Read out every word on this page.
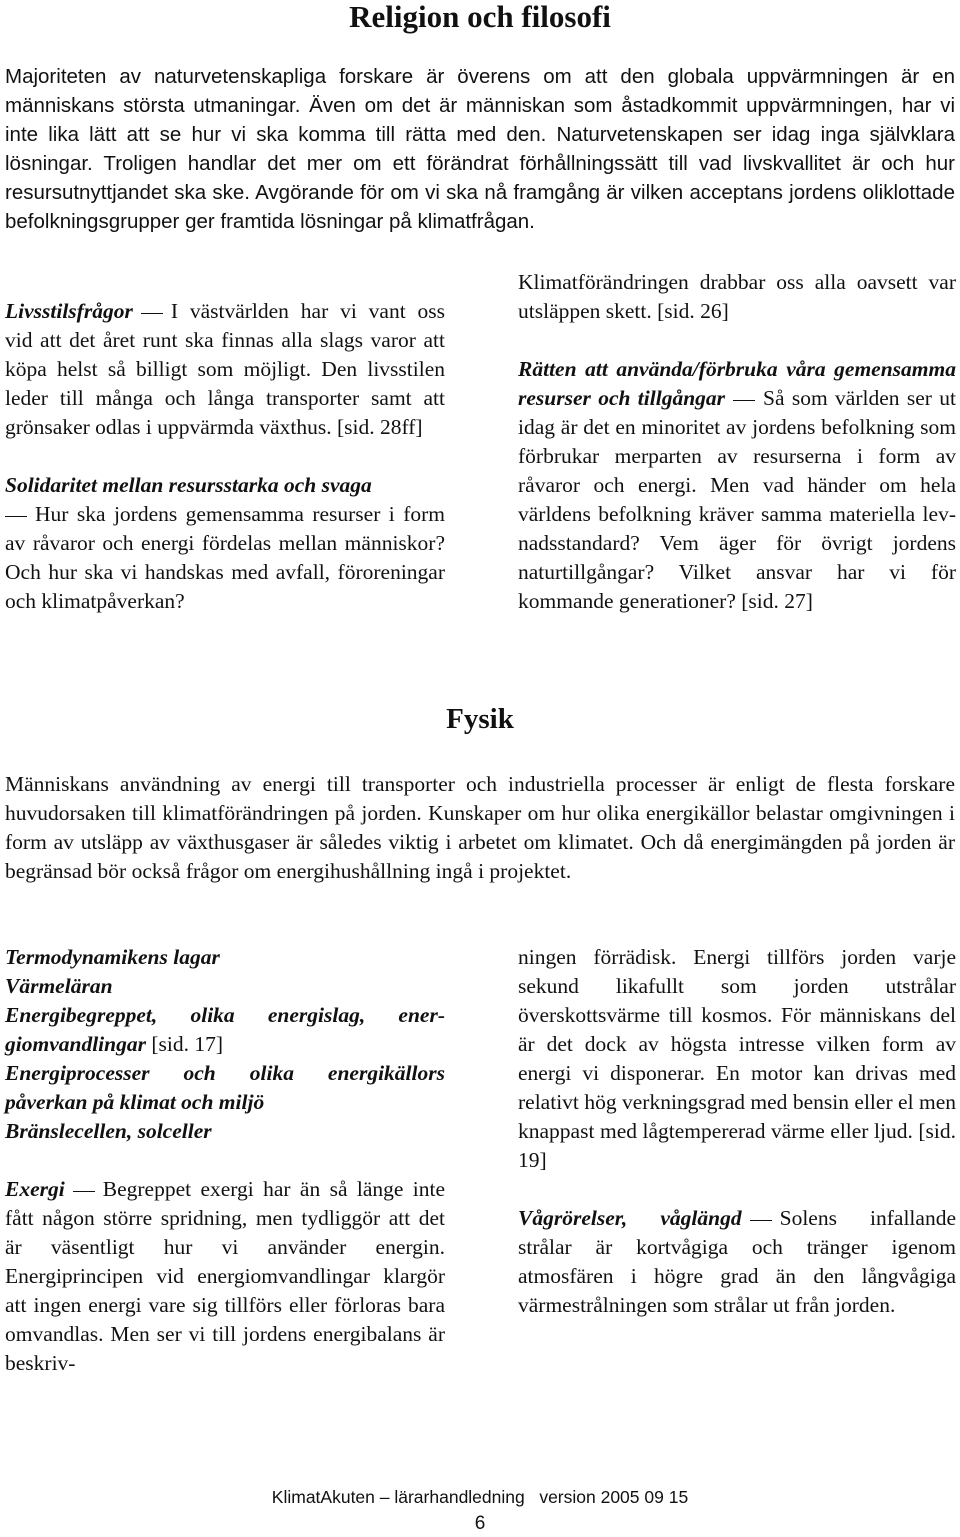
Religion och filosofi
Majoriteten av naturvetenskapliga forskare är överens om att den globala uppvärmningen är en människans största utmaningar. Även om det är människan som åstadkommit uppvärmningen, har vi inte lika lätt att se hur vi ska komma till rätta med den. Naturvetenskapen ser idag inga självklara lösningar. Troligen handlar det mer om ett förändrat förhållningssätt till vad livskvallitet är och hur resursutnyttjandet ska ske. Avgörande för om vi ska nå framgång är vilken acceptans jordens oliklottade befolkningsgrupper ger framtida lösningar på klimatfrågan.

Livsstilsfrågor I västvärlden har vi vant oss vid att det året runt ska finnas alla slags varor att köpa helst så billigt som möjligt. Den livsstilen leder till många och långa transporter samt att grönsaker odlas i uppvärmda växthus. [sid. 28ff]

Solidaritet mellan resursstarka och svaga
Hur ska jordens gemensamma resurser i form av råvaror och energi fördelas mellan människor? Och hur ska vi handskas med avfall, föroreningar och klimatpåverkan?

Klimatförändringen drabbar oss alla oavsett var utsläppen skett. [sid. 26]

Rätten att använda/förbruka våra gemensamma resurser och tillgångar Så som världen ser ut idag är det en minoritet av jordens befolkning som förbrukar merparten av resurserna i form av råvaror och energi. Men vad händer om hela världens befolkning kräver samma materiella levnadsstandard? Vem äger för övrigt jordens naturtillgångar? Vilket ansvar har vi för kommande generationer? [sid. 27]

Fysik
Människans användning av energi till transporter och industriella processer är enligt de flesta forskare huvudorsaken till klimatförändringen på jorden. Kunskaper om hur olika energikällor belastar omgivningen i form av utsläpp av växthusgaser är således viktig i arbetet om klimatet. Och då energimängden på jorden är begränsad bör också frågor om energihushållning ingå i projektet.

Termodynamikens lagar

Värmeläran

Energibegreppet, olika energislag, energiomvandlingar [sid. 17]

Energiprocesser och olika energikällors påverkan på klimat och miljö

Bränslecellen, solceller

Exergi Begreppet exergi har än så länge inte fått någon större spridning, men tydliggör att det är väsentligt hur vi använder energin. Energiprincipen vid energiomvandlingar klargör att ingen energi vare sig tillförs eller förloras bara omvandlas. Men ser vi till jordens energibalans är beskriv-

ningen förrädisk. Energi tillförs jorden varje sekund likafullt som jorden utstrålar överskottsvärme till kosmos. För människans del är det dock av högsta intresse vilken form av energi vi disponerar. En motor kan drivas med relativt hög verkningsgrad med bensin eller el men knappast med lågtempererad värme eller ljud. [sid. 19]

Vågrörelser, våglängd Solens infallande strålar är kortvågiga och tränger igenom atmosfären i högre grad än den långvågiga värmestrålningen som strålar ut från jorden.

KlimatAkuten – lärarhandledning   version 2005 09 15
6
